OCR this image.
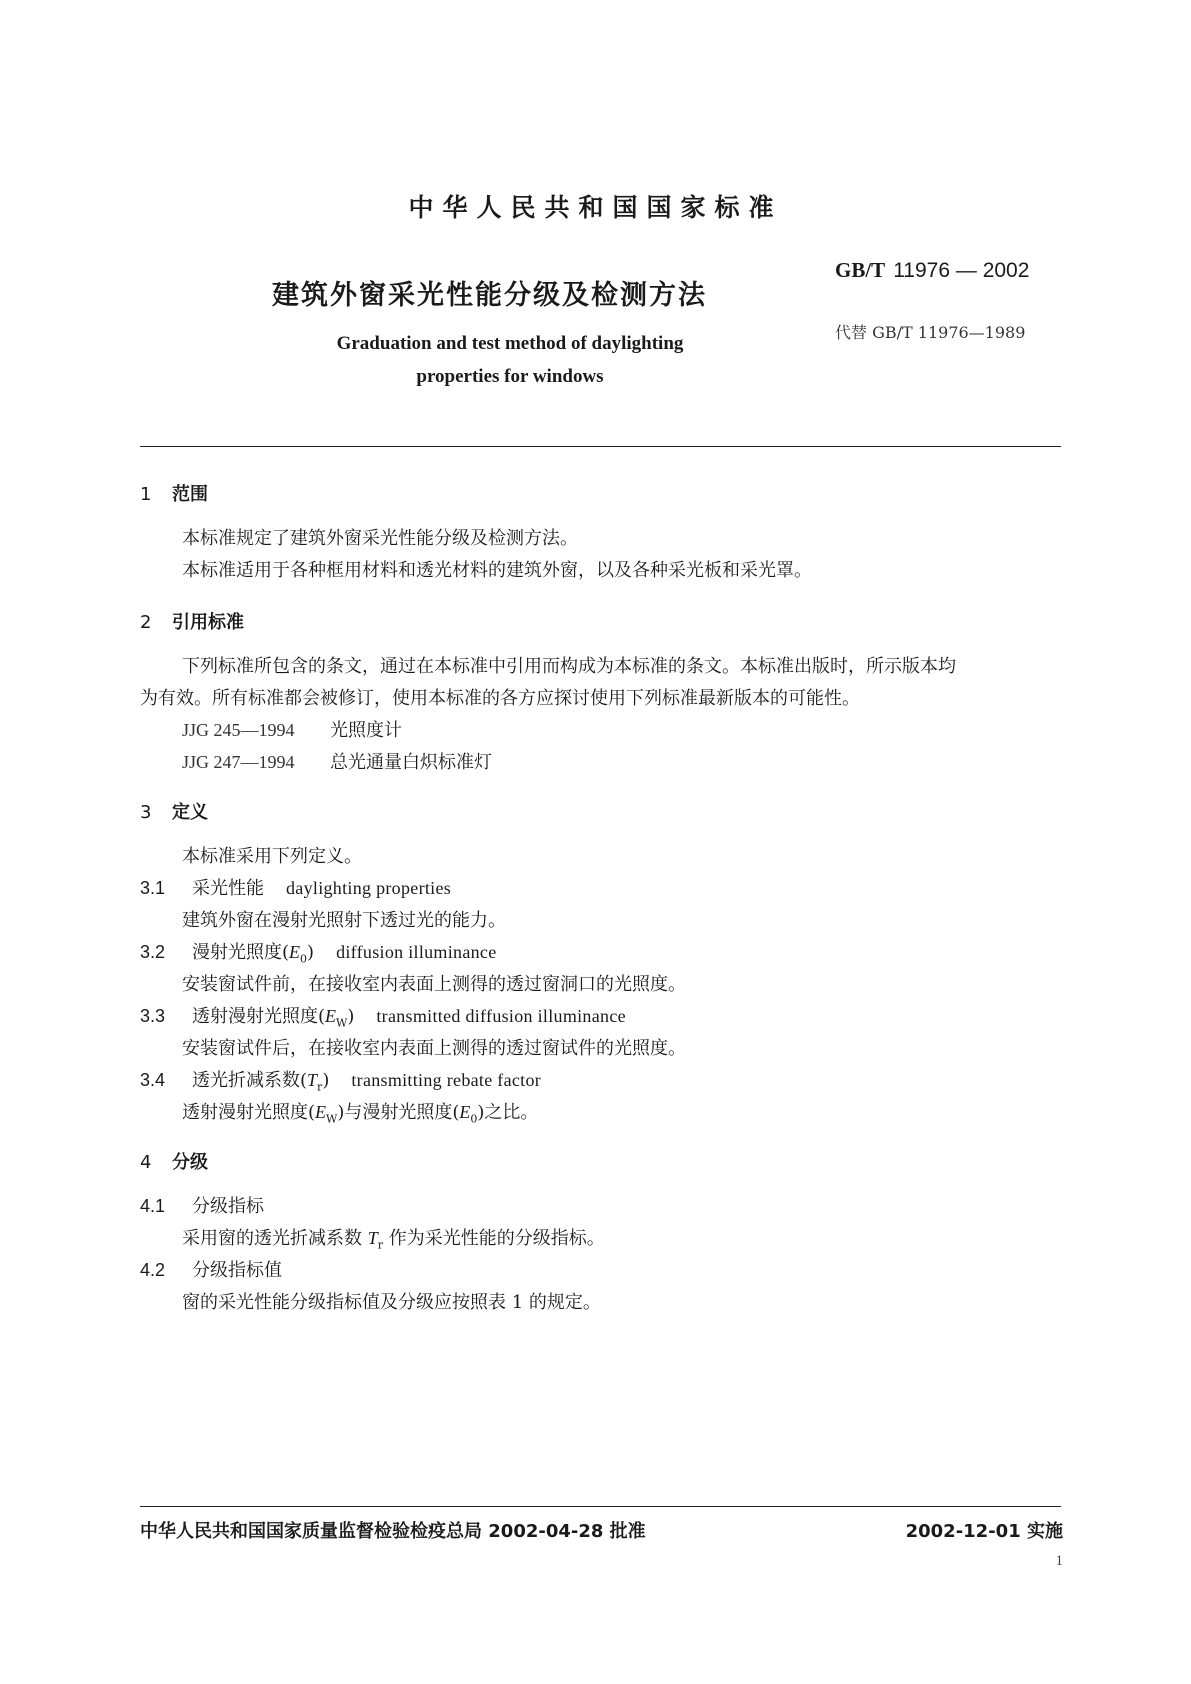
中华人民共和国国家标准
建筑外窗采光性能分级及检测方法
Graduation and test method of daylighting
properties for windows
GB/T 11976 — 2002
代替 GB/T 11976—1989
1 范围
本标准规定了建筑外窗采光性能分级及检测方法。
本标准适用于各种框用材料和透光材料的建筑外窗，以及各种采光板和采光罩。
2 引用标准
下列标准所包含的条文，通过在本标准中引用而构成为本标准的条文。本标准出版时，所示版本均
为有效。所有标准都会被修订，使用本标准的各方应探讨使用下列标准最新版本的可能性。
JJG 245—1994 光照度计
JJG 247—1994 总光通量白炽标准灯
3 定义
本标准采用下列定义。
3.1 采光性能 daylighting properties
建筑外窗在漫射光照射下透过光的能力。
3.2 漫射光照度$(E_0)$ diffusion illuminance
安装窗试件前，在接收室内表面上测得的透过窗洞口的光照度。
3.3 透射漫射光照度$(E_W)$ transmitted diffusion illuminance
安装窗试件后，在接收室内表面上测得的透过窗试件的光照度。
3.4 透光折减系数$(T_r)$ transmitting rebate factor
透射漫射光照度$(E_W)$与漫射光照度$(E_0)$之比。
4 分级
4.1 分级指标
采用窗的透光折减系数 $T_r$ 作为采光性能的分级指标。
4.2 分级指标值
窗的采光性能分级指标值及分级应按照表 1 的规定。
中华人民共和国国家质量监督检验检疫总局 2002-04-28 批准	2002-12-01 实施
1
